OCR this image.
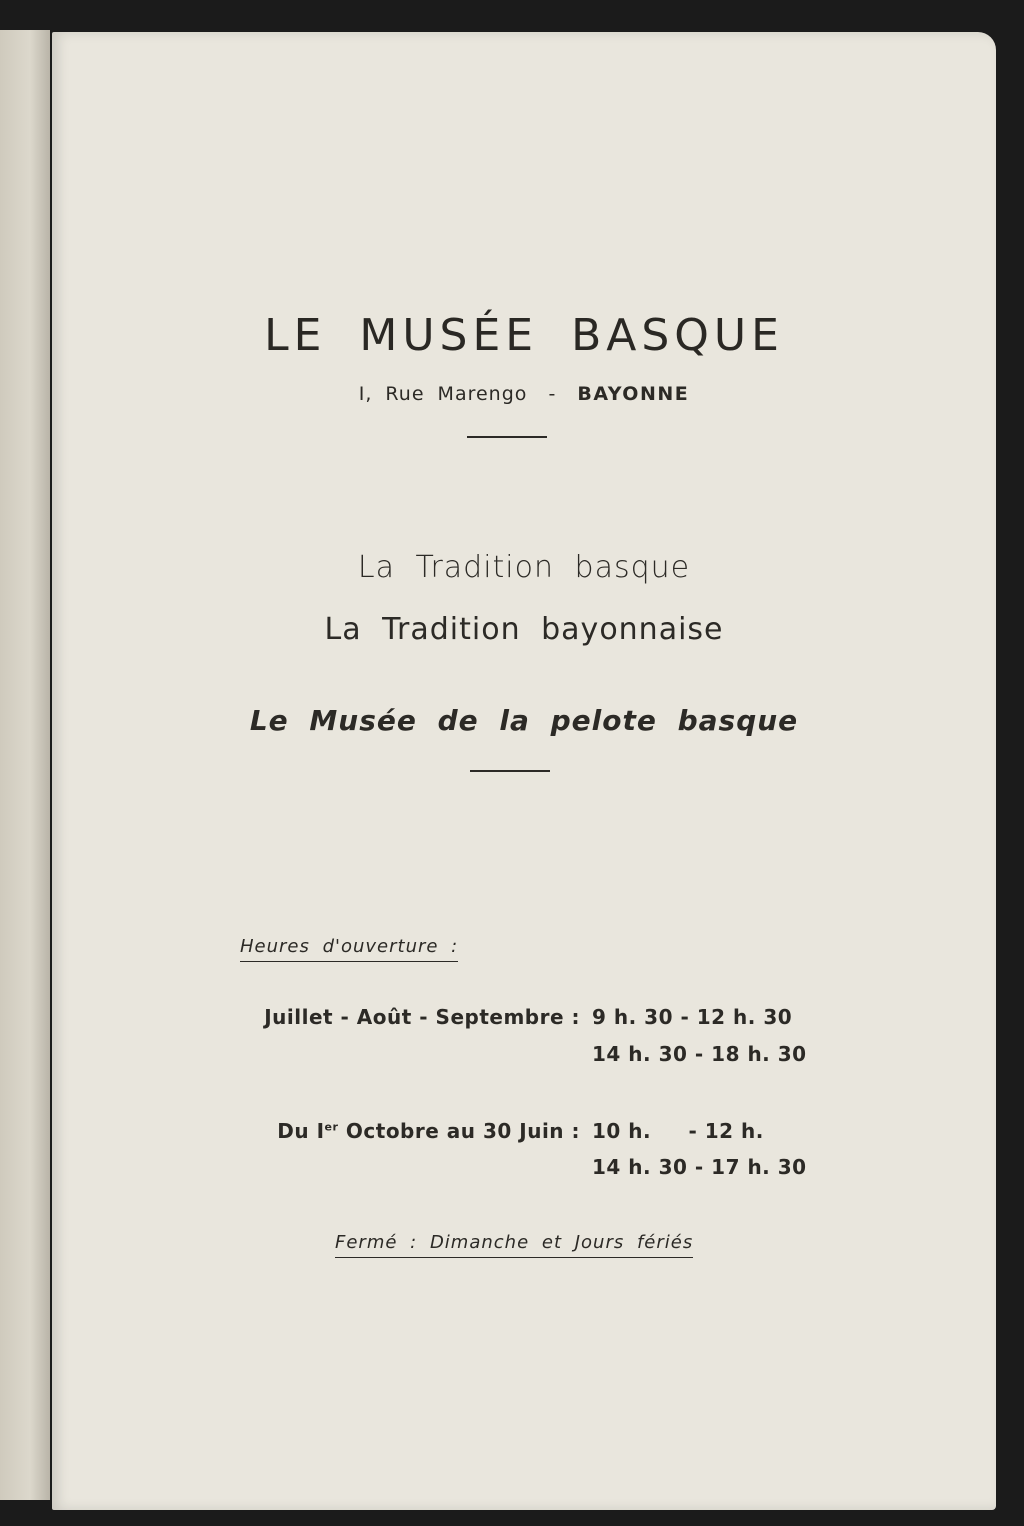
LE MUSÉE BASQUE
I, Rue Marengo - BAYONNE
La Tradition basque
La Tradition bayonnaise
Le Musée de la pelote basque
Heures d'ouverture :
Juillet - Août - Septembre : 9 h. 30 - 12 h. 30
14 h. 30 - 18 h. 30
Du Ier Octobre au 30 Juin : 10 h.     - 12 h.
14 h. 30 - 17 h. 30
Fermé : Dimanche et Jours fériés
